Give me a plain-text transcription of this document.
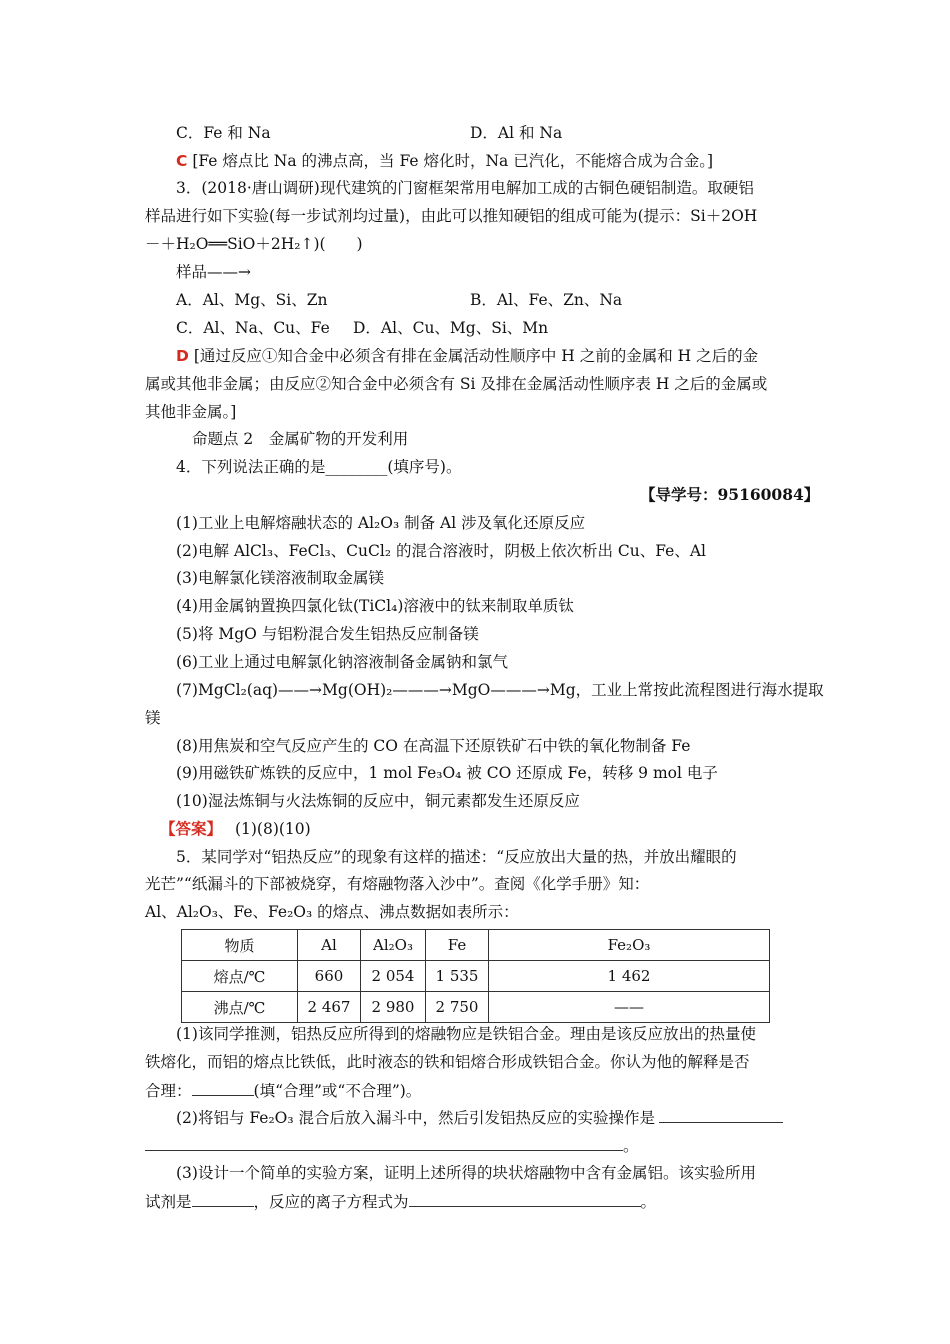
C．Fe 和 Na	D．Al 和 Na
C [Fe 熔点比 Na 的沸点高，当 Fe 熔化时，Na 已汽化，不能熔合成为合金。]
3．(2018·唐山调研)现代建筑的门窗框架常用电解加工成的古铜色硬铝制造。取硬铝
样品进行如下实验(每一步试剂均过量)，由此可以推知硬铝的组成可能为(提示：Si＋2OH
－＋H₂O══SiO＋2H₂↑)(　　)
样品——→
A．Al、Mg、Si、Zn	B．Al、Fe、Zn、Na
C．Al、Na、Cu、Fe D．Al、Cu、Mg、Si、Mn
D [通过反应①知合金中必须含有排在金属活动性顺序中 H 之前的金属和 H 之后的金
属或其他非金属；由反应②知合金中必须含有 Si 及排在金属活动性顺序表 H 之后的金属或
其他非金属。]
命题点 2　金属矿物的开发利用
4．下列说法正确的是________(填序号)。
【导学号：95160084】
(1)工业上电解熔融状态的 Al₂O₃ 制备 Al 涉及氧化还原反应
(2)电解 AlCl₃、FeCl₃、CuCl₂ 的混合溶液时，阴极上依次析出 Cu、Fe、Al
(3)电解氯化镁溶液制取金属镁
(4)用金属钠置换四氯化钛(TiCl₄)溶液中的钛来制取单质钛
(5)将 MgO 与铝粉混合发生铝热反应制备镁
(6)工业上通过电解氯化钠溶液制备金属钠和氯气
(7)MgCl₂(aq)——→Mg(OH)₂———→MgO———→Mg，工业上常按此流程图进行海水提取
镁
(8)用焦炭和空气反应产生的 CO 在高温下还原铁矿石中铁的氧化物制备 Fe
(9)用磁铁矿炼铁的反应中，1 mol Fe₃O₄ 被 CO 还原成 Fe，转移 9 mol 电子
(10)湿法炼铜与火法炼铜的反应中，铜元素都发生还原反应
【答案】 (1)(8)(10)
5．某同学对“铝热反应”的现象有这样的描述：“反应放出大量的热，并放出耀眼的
光芒”“纸漏斗的下部被烧穿，有熔融物落入沙中”。查阅《化学手册》知：
Al、Al₂O₃、Fe、Fe₂O₃ 的熔点、沸点数据如表所示：
物质	Al	Al₂O₃	Fe	Fe₂O₃
熔点/℃	660	2 054	1 535	1 462
沸点/℃	2 467	2 980	2 750	——
(1)该同学推测，铝热反应所得到的熔融物应是铁铝合金。理由是该反应放出的热量使
铁熔化，而铝的熔点比铁低，此时液态的铁和铝熔合形成铁铝合金。你认为他的解释是否
合理：	(填“合理”或“不合理”)。
(2)将铝与 Fe₂O₃ 混合后放入漏斗中，然后引发铝热反应的实验操作是
。
(3)设计一个简单的实验方案，证明上述所得的块状熔融物中含有金属铝。该实验所用
试剂是	，反应的离子方程式为	。
